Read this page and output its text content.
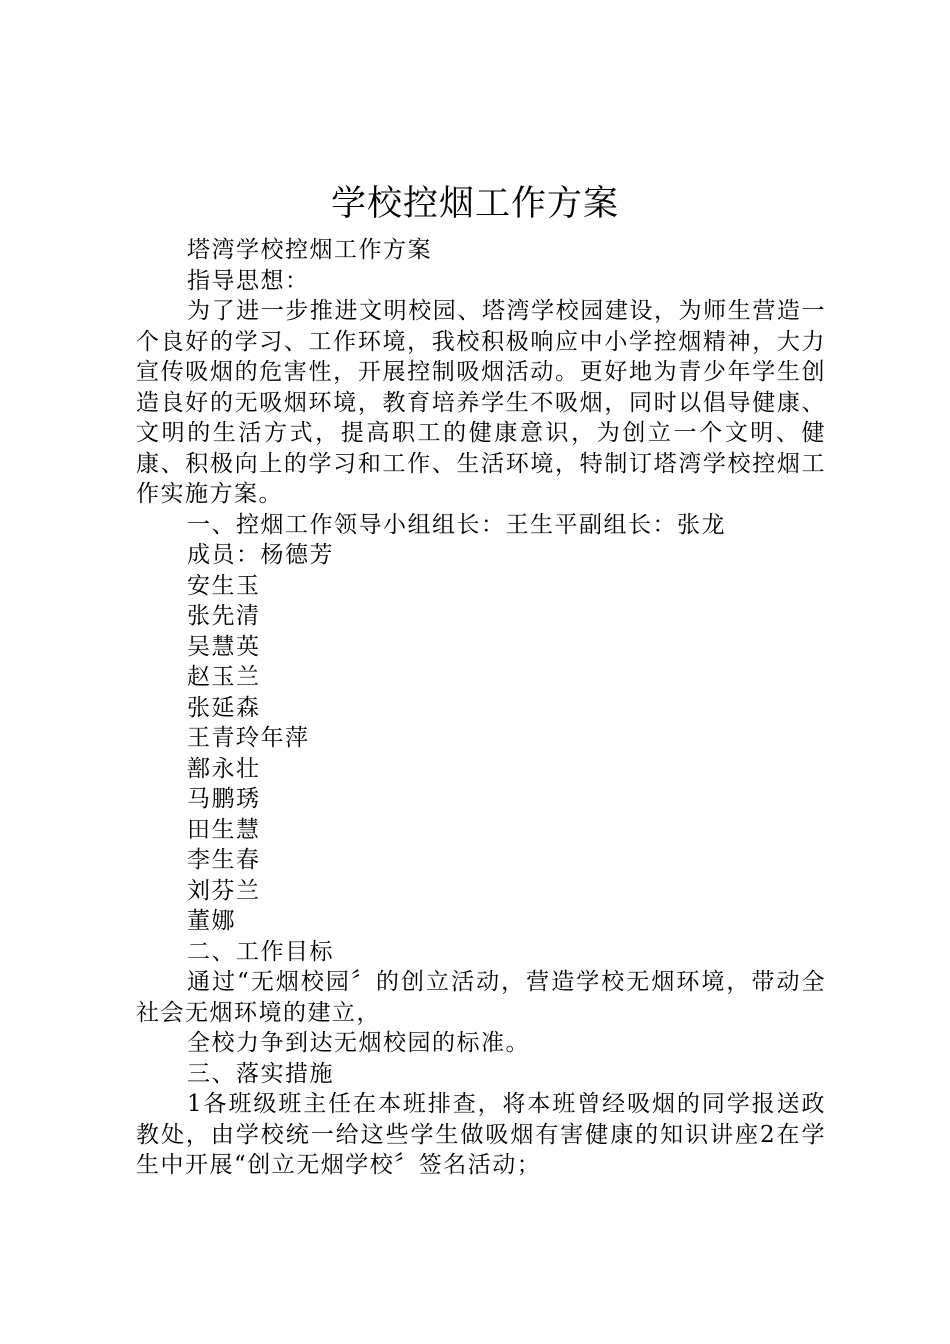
学校控烟工作方案

塔湾学校控烟工作方案

指导思想：

为了进一步推进文明校园、塔湾学校园建设，为师生营造一个良好的学习、工作环境，我校积极响应中小学控烟精神，大力宣传吸烟的危害性，开展控制吸烟活动。更好地为青少年学生创造良好的无吸烟环境，教育培养学生不吸烟，同时以倡导健康、文明的生活方式，提高职工的健康意识，为创立一个文明、健康、积极向上的学习和工作、生活环境，特制订塔湾学校控烟工作实施方案。

一、控烟工作领导小组组长：王生平副组长：张龙

成员：杨德芳

安生玉

张先清

吴慧英

赵玉兰

张延森

王青玲年萍

鄯永壮

马鹏琇

田生慧

李生春

刘芬兰

董娜

二、工作目标

通过“无烟校园〞的创立活动，营造学校无烟环境，带动全社会无烟环境的建立，

全校力争到达无烟校园的标准。

三、落实措施

1各班级班主任在本班排查，将本班曾经吸烟的同学报送政教处，由学校统一给这些学生做吸烟有害健康的知识讲座2在学生中开展“创立无烟学校〞签名活动；
